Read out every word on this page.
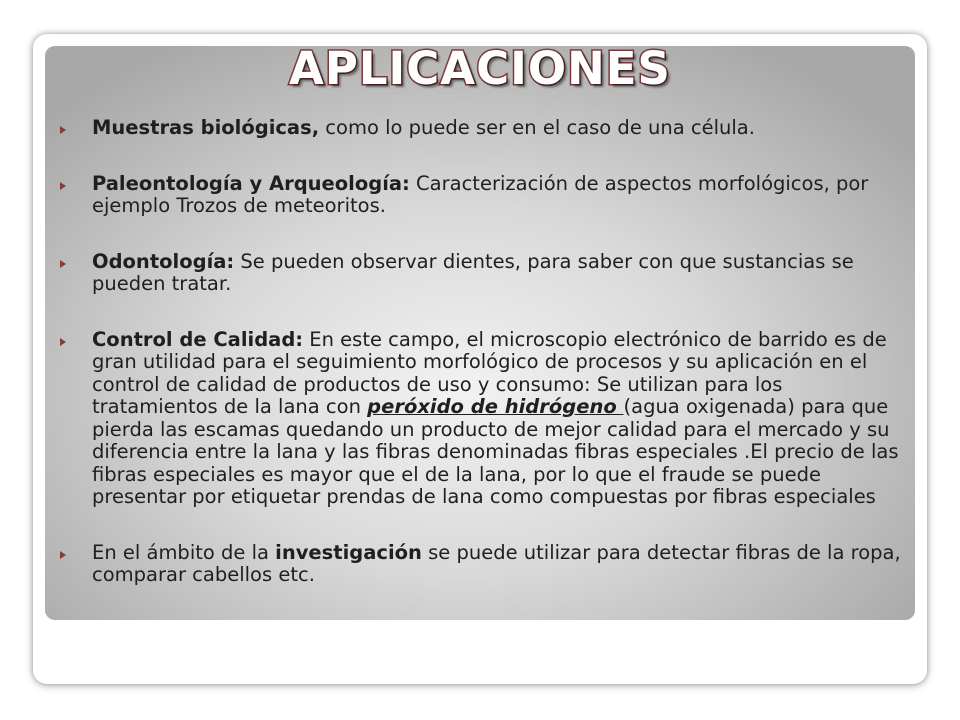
APLICACIONES
Muestras biológicas, como lo puede ser en el caso de una célula.
Paleontología y Arqueología: Caracterización de aspectos morfológicos, por ejemplo Trozos de meteoritos.
Odontología: Se pueden observar dientes, para saber con que sustancias se pueden tratar.
Control de Calidad: En este campo, el microscopio electrónico de barrido es de gran utilidad para el seguimiento morfológico de procesos y su aplicación en el control de calidad de productos de uso y consumo: Se utilizan para los tratamientos de la lana con peróxido de hidrógeno (agua oxigenada) para que pierda las escamas quedando un producto de mejor calidad para el mercado y su diferencia entre la lana y las fibras denominadas fibras especiales .El precio de las fibras especiales es mayor que el de la lana, por lo que el fraude se puede presentar por etiquetar prendas de lana como compuestas por fibras especiales
En el ámbito de la investigación se puede utilizar para detectar fibras de la ropa, comparar cabellos etc.
